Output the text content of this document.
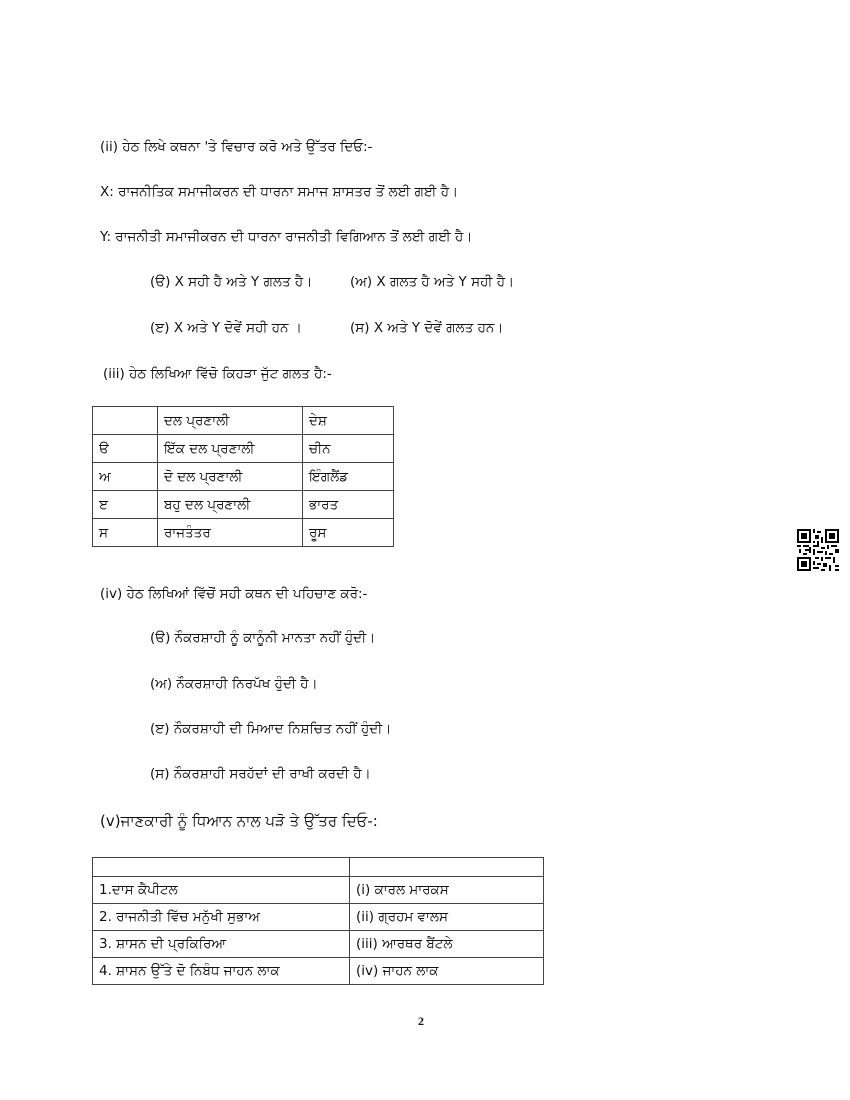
(ii) ਹੇਠ ਲਿਖੇ ਕਥਨਾ 'ਤੇ ਵਿਚਾਰ ਕਰੋ ਅਤੇ ਉੱਤਰ ਦਿਓ:-
X: ਰਾਜਨੀਤਿਕ ਸਮਾਜੀਕਰਨ ਦੀ ਧਾਰਨਾ ਸਮਾਜ ਸ਼ਾਸਤਰ ਤੋਂ ਲਈ ਗਈ ਹੈ।
Y: ਰਾਜਨੀਤੀ ਸਮਾਜੀਕਰਨ ਦੀ ਧਾਰਨਾ ਰਾਜਨੀਤੀ ਵਿਗਿਆਨ ਤੋਂ ਲਈ ਗਈ ਹੈ।
(ੳ) X ਸਹੀ ਹੈ ਅਤੇ Y ਗਲਤ ਹੈ।	(ਅ) X ਗਲਤ ਹੈ ਅਤੇ Y ਸਹੀ ਹੈ।
(ੲ) X ਅਤੇ Y ਦੋਵੇਂ ਸਹੀ ਹਨ ।	(ਸ) X ਅਤੇ Y ਦੋਵੇਂ ਗਲਤ ਹਨ।
(iii) ਹੇਠ ਲਿਖਿਆ ਵਿੱਚੋ ਕਿਹੜਾ ਜੁੱਟ ਗਲਤ ਹੈ:-
	ਦਲ ਪ੍ਰਣਾਲੀ	ਦੇਸ਼
ੳ	ਇੱਕ ਦਲ ਪ੍ਰਣਾਲੀ	ਚੀਨ
ਅ	ਦੋ ਦਲ ਪ੍ਰਣਾਲੀ	ਇੰਗਲੈਂਡ
ੲ	ਬਹੁ ਦਲ ਪ੍ਰਣਾਲੀ	ਭਾਰਤ
ਸ	ਰਾਜਤੰਤਰ	ਰੂਸ
(iv) ਹੇਠ ਲਿਖਿਆਂ ਵਿੱਚੋਂ ਸਹੀ ਕਥਨ ਦੀ ਪਹਿਚਾਣ ਕਰੋ:-
(ੳ) ਨੌਕਰਸ਼ਾਹੀ ਨੂੰ ਕਾਨੂੰਨੀ ਮਾਨਤਾ ਨਹੀਂ ਹੁੰਦੀ।
(ਅ) ਨੌਕਰਸ਼ਾਹੀ ਨਿਰਪੱਖ ਹੁੰਦੀ ਹੈ।
(ੲ) ਨੌਕਰਸ਼ਾਹੀ ਦੀ ਮਿਆਦ ਨਿਸ਼ਚਿਤ ਨਹੀਂ ਹੁੰਦੀ।
(ਸ) ਨੌਕਰਸ਼ਾਹੀ ਸਰਹੱਦਾਂ ਦੀ ਰਾਖੀ ਕਰਦੀ ਹੈ।
(v)ਜਾਣਕਾਰੀ ਨੂੰ ਧਿਆਨ ਨਾਲ ਪੜੋ ਤੇ ਉੱਤਰ ਦਿਓ-:

1.ਦਾਸ ਕੈਪੀਟਲ	(i) ਕਾਰਲ ਮਾਰਕਸ
2. ਰਾਜਨੀਤੀ ਵਿੱਚ ਮਨੁੱਖੀ ਸੁਭਾਅ	(ii) ਗ੍ਰਹਮ ਵਾਲਸ
3. ਸ਼ਾਸਨ ਦੀ ਪ੍ਰਕਿਰਿਆ	(iii) ਆਰਥਰ ਬੈਂਟਲੇ
4. ਸ਼ਾਸਨ ਉੱਤੇ ਦੋ ਨਿਬੰਧ ਜਾਹਨ ਲਾਕ	(iv) ਜਾਹਨ ਲਾਕ
2
